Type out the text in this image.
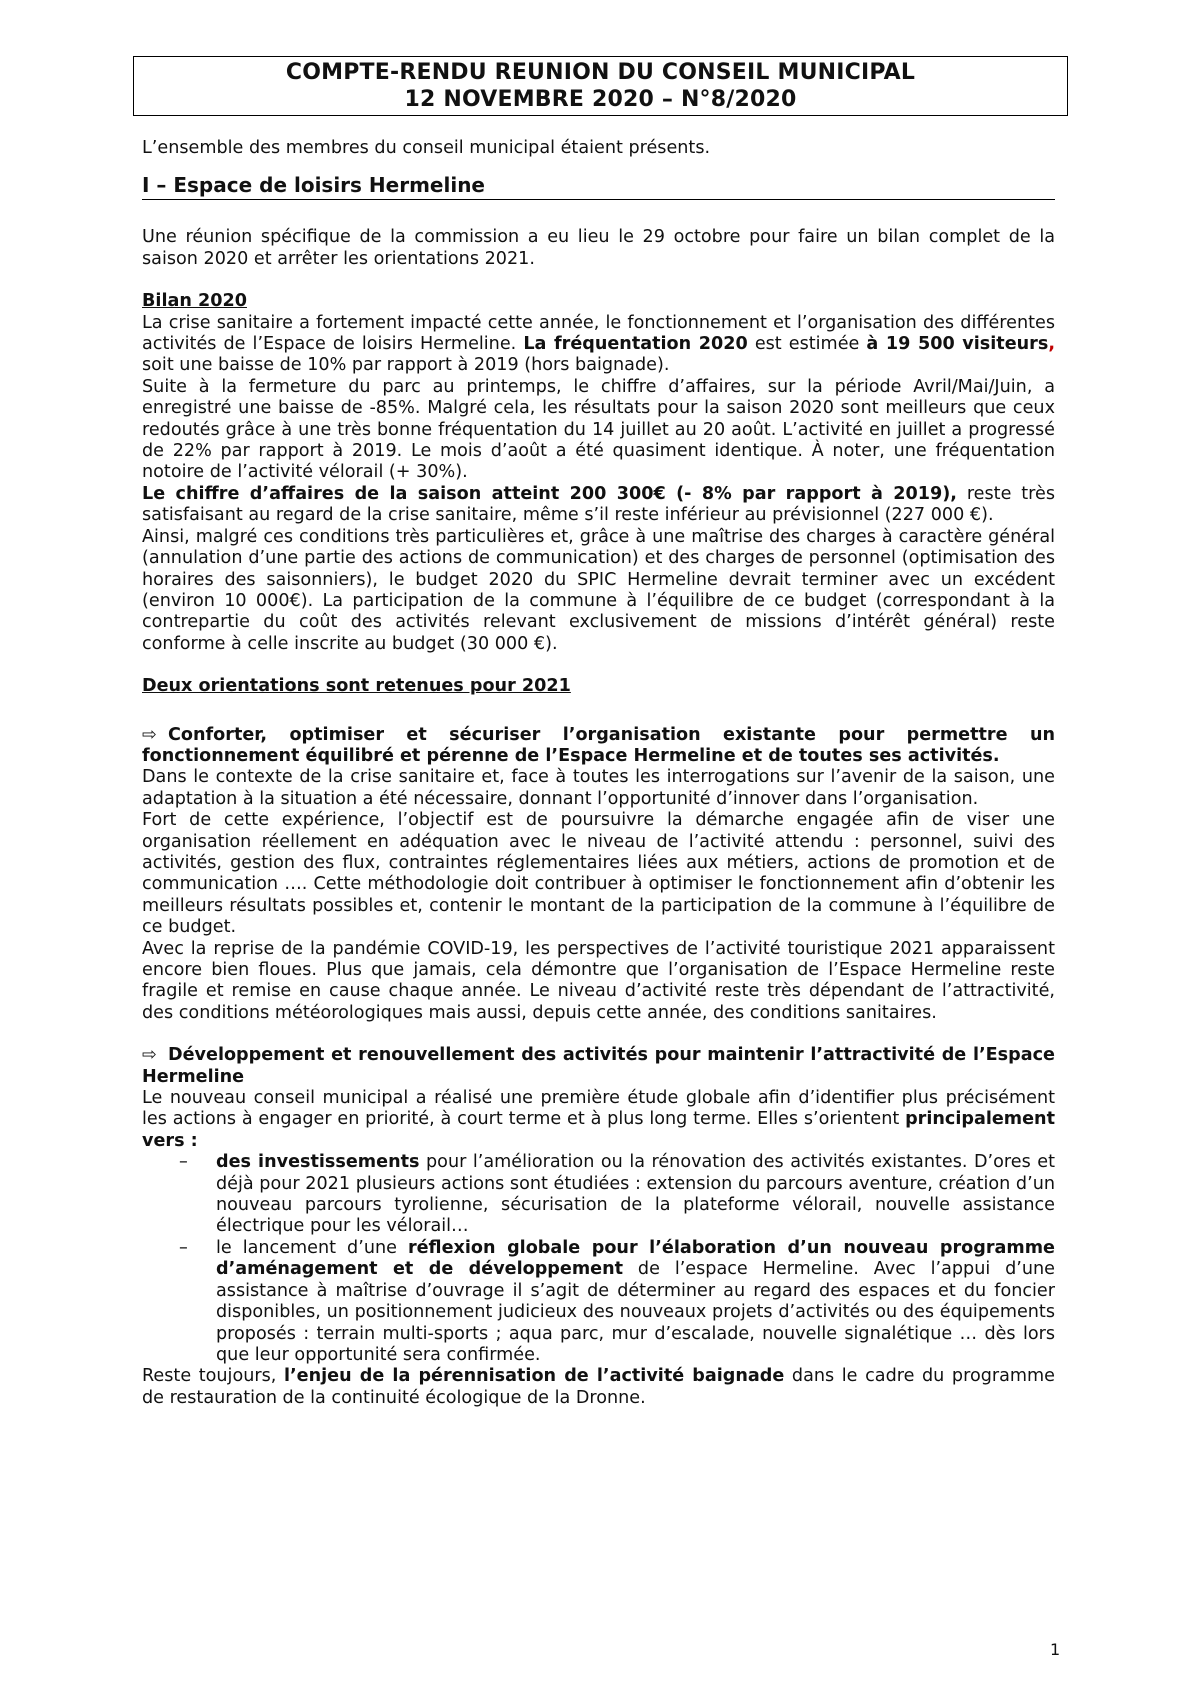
COMPTE-RENDU REUNION DU CONSEIL MUNICIPAL
12 NOVEMBRE 2020 – N°8/2020

L’ensemble des membres du conseil municipal étaient présents.

I – Espace de loisirs Hermeline

Une réunion spécifique de la commission a eu lieu le 29 octobre pour faire un bilan complet de la saison 2020 et arrêter les orientations 2021.

Bilan 2020

La crise sanitaire a fortement impacté cette année, le fonctionnement et l’organisation des différentes activités de l’Espace de loisirs Hermeline. La fréquentation 2020 est estimée à 19 500 visiteurs, soit une baisse de 10% par rapport à 2019 (hors baignade).

Suite à la fermeture du parc au printemps, le chiffre d’affaires, sur la période Avril/Mai/Juin, a enregistré une baisse de -85%. Malgré cela, les résultats pour la saison 2020 sont meilleurs que ceux redoutés grâce à une très bonne fréquentation du 14 juillet au 20 août. L’activité en juillet a progressé de 22% par rapport à 2019. Le mois d’août a été quasiment identique. À noter, une fréquentation notoire de l’activité vélorail (+ 30%).

Le chiffre d’affaires de la saison atteint 200 300€ (- 8% par rapport à 2019), reste très satisfaisant au regard de la crise sanitaire, même s’il reste inférieur au prévisionnel (227 000 €).

Ainsi, malgré ces conditions très particulières et, grâce à une maîtrise des charges à caractère général (annulation d’une partie des actions de communication) et des charges de personnel (optimisation des horaires des saisonniers), le budget 2020 du SPIC Hermeline devrait terminer avec un excédent (environ 10 000€). La participation de la commune à l’équilibre de ce budget (correspondant à la contrepartie du coût des activités relevant exclusivement de missions d’intérêt général) reste conforme à celle inscrite au budget (30 000 €).

Deux orientations sont retenues pour 2021

⇨ Conforter, optimiser et sécuriser l’organisation existante pour permettre un fonctionnement équilibré et pérenne de l’Espace Hermeline et de toutes ses activités.

Dans le contexte de la crise sanitaire et, face à toutes les interrogations sur l’avenir de la saison, une adaptation à la situation a été nécessaire, donnant l’opportunité d’innover dans l’organisation.

Fort de cette expérience, l’objectif est de poursuivre la démarche engagée afin de viser une organisation réellement en adéquation avec le niveau de l’activité attendu : personnel, suivi des activités, gestion des flux, contraintes réglementaires liées aux métiers, actions de promotion et de communication …. Cette méthodologie doit contribuer à optimiser le fonctionnement afin d’obtenir les meilleurs résultats possibles et, contenir le montant de la participation de la commune à l’équilibre de ce budget.

Avec la reprise de la pandémie COVID-19, les perspectives de l’activité touristique 2021 apparaissent encore bien floues. Plus que jamais, cela démontre que l’organisation de l’Espace Hermeline reste fragile et remise en cause chaque année. Le niveau d’activité reste très dépendant de l’attractivité, des conditions météorologiques mais aussi, depuis cette année, des conditions sanitaires.

⇨ Développement et renouvellement des activités pour maintenir l’attractivité de l’Espace Hermeline

Le nouveau conseil municipal a réalisé une première étude globale afin d’identifier plus précisément les actions à engager en priorité, à court terme et à plus long terme. Elles s’orientent principalement vers :

– des investissements pour l’amélioration ou la rénovation des activités existantes. D’ores et déjà pour 2021 plusieurs actions sont étudiées : extension du parcours aventure, création d’un nouveau parcours tyrolienne, sécurisation de la plateforme vélorail, nouvelle assistance électrique pour les vélorail…
– le lancement d’une réflexion globale pour l’élaboration d’un nouveau programme d’aménagement et de développement de l’espace Hermeline. Avec l’appui d’une assistance à maîtrise d’ouvrage il s’agit de déterminer au regard des espaces et du foncier disponibles, un positionnement judicieux des nouveaux projets d’activités ou des équipements proposés : terrain multi-sports ; aqua parc, mur d’escalade, nouvelle signalétique … dès lors que leur opportunité sera confirmée.

Reste toujours, l’enjeu de la pérennisation de l’activité baignade dans le cadre du programme de restauration de la continuité écologique de la Dronne.

1
